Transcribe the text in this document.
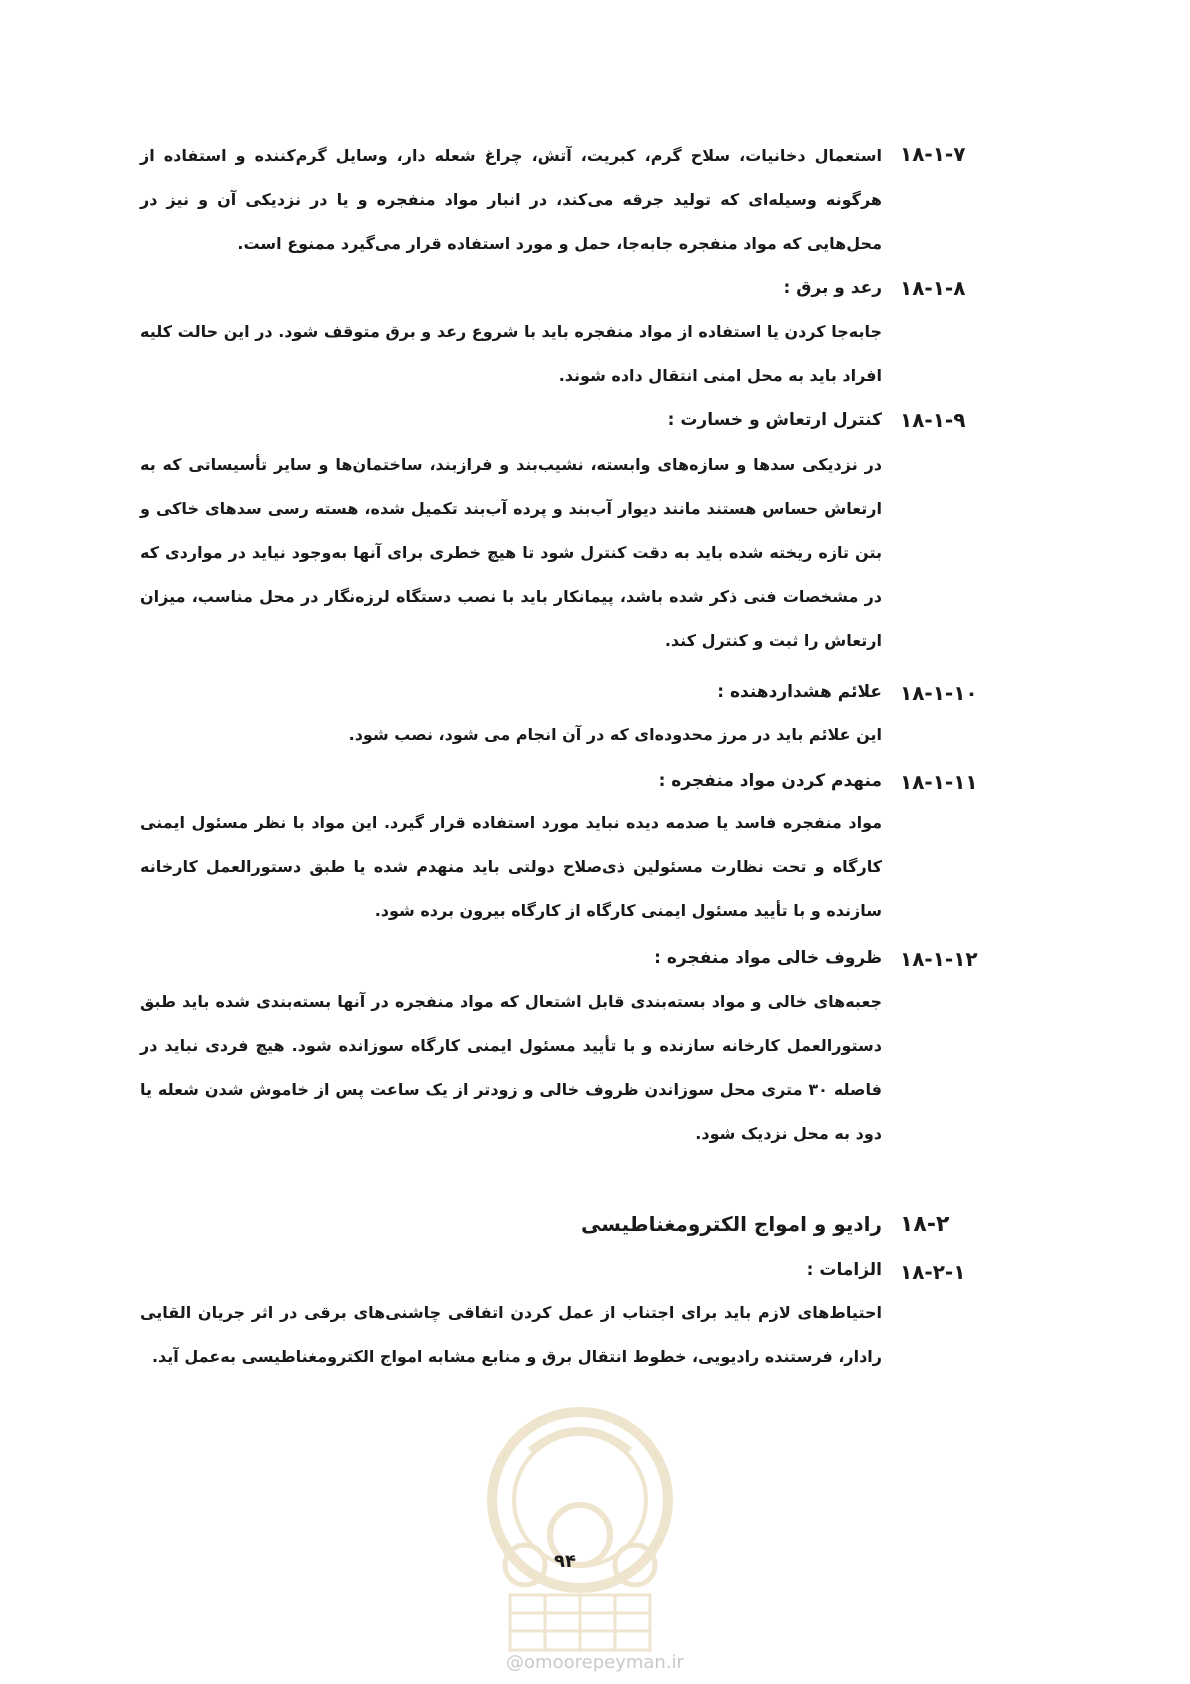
۱۸-۱-۷
استعمال دخانیات، سلاح گرم، کبریت، آتش، چراغ شعله دار، وسایل گرم‌کننده و استفاده از هرگونه وسیله‌ای که تولید جرقه می‌کند، در انبار مواد منفجره و یا در نزدیکی آن و نیز در محل‌هایی که مواد منفجره جابه‌جا، حمل و مورد استفاده قرار می‌گیرد ممنوع است.
۱۸-۱-۸
رعد و برق :
جابه‌جا کردن یا استفاده از مواد منفجره باید با شروع رعد و برق متوقف شود. در این حالت کلیه افراد باید به محل امنی انتقال داده شوند.
۱۸-۱-۹
کنترل ارتعاش و خسارت :
در نزدیکی سدها و سازه‌های وابسته، نشیب‌بند و فرازبند، ساختمان‌ها و سایر تأسیساتی که به ارتعاش حساس هستند مانند دیوار آب‌بند و پرده آب‌بند تکمیل شده، هسته رسی سدهای خاکی و بتن تازه ریخته شده باید به دقت کنترل شود تا هیچ خطری برای آنها به‌وجود نیاید در مواردی که در مشخصات فنی ذکر شده باشد، پیمانکار باید با نصب دستگاه لرزه‌نگار در محل مناسب، میزان ارتعاش را ثبت و کنترل کند.
۱۸-۱-۱۰
علائم هشداردهنده :
این علائم باید در مرز محدوده‌ای که در آن انجام می شود، نصب شود.
۱۸-۱-۱۱
منهدم کردن مواد منفجره :
مواد منفجره فاسد یا صدمه دیده نباید مورد استفاده قرار گیرد. این مواد با نظر مسئول ایمنی کارگاه و تحت نظارت مسئولین ذی‌صلاح دولتی باید منهدم شده یا طبق دستورالعمل کارخانه سازنده و با تأیید مسئول ایمنی کارگاه از کارگاه بیرون برده شود.
۱۸-۱-۱۲
ظروف خالی مواد منفجره :
جعبه‌های خالی و مواد بسته‌بندی قابل اشتعال که مواد منفجره در آنها بسته‌بندی شده باید طبق دستورالعمل کارخانه سازنده و با تأیید مسئول ایمنی کارگاه سوزانده شود. هیچ فردی نباید در فاصله ۳۰ متری محل سوزاندن ظروف خالی و زودتر از یک ساعت پس از خاموش شدن شعله یا دود به محل نزدیک شود.
۱۸-۲
رادیو و امواج الکترومغناطیسی
۱۸-۲-۱
الزامات :
احتیاط‌های لازم باید برای اجتناب از عمل کردن اتفاقی چاشنی‌های برقی در اثر جریان القایی رادار، فرستنده رادیویی، خطوط انتقال برق و منابع مشابه امواج الکترومغناطیسی به‌عمل آید.
۹۴
@omoorepeyman.ir
